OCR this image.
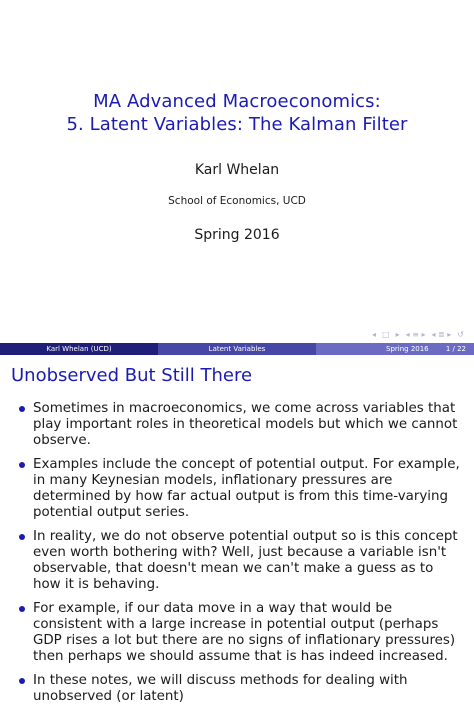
MA Advanced Macroeconomics:
5. Latent Variables: The Kalman Filter
Karl Whelan
School of Economics, UCD
Spring 2016
◂ □ ▸ ◂ ≡ ▸ ◂ ≣ ▸ ↺
Karl Whelan (UCD)	Latent Variables	Spring 2016 1 / 22
Unobserved But Still There
Sometimes in macroeconomics, we come across variables that play important roles in theoretical models but which we cannot observe.
Examples include the concept of potential output. For example, in many Keynesian models, inflationary pressures are determined by how far actual output is from this time-varying potential output series.
In reality, we do not observe potential output so is this concept even worth bothering with? Well, just because a variable isn't observable, that doesn't mean we can't make a guess as to how it is behaving.
For example, if our data move in a way that would be consistent with a large increase in potential output (perhaps GDP rises a lot but there are no signs of inflationary pressures) then perhaps we should assume that is has indeed increased.
In these notes, we will discuss methods for dealing with unobserved (or latent)
